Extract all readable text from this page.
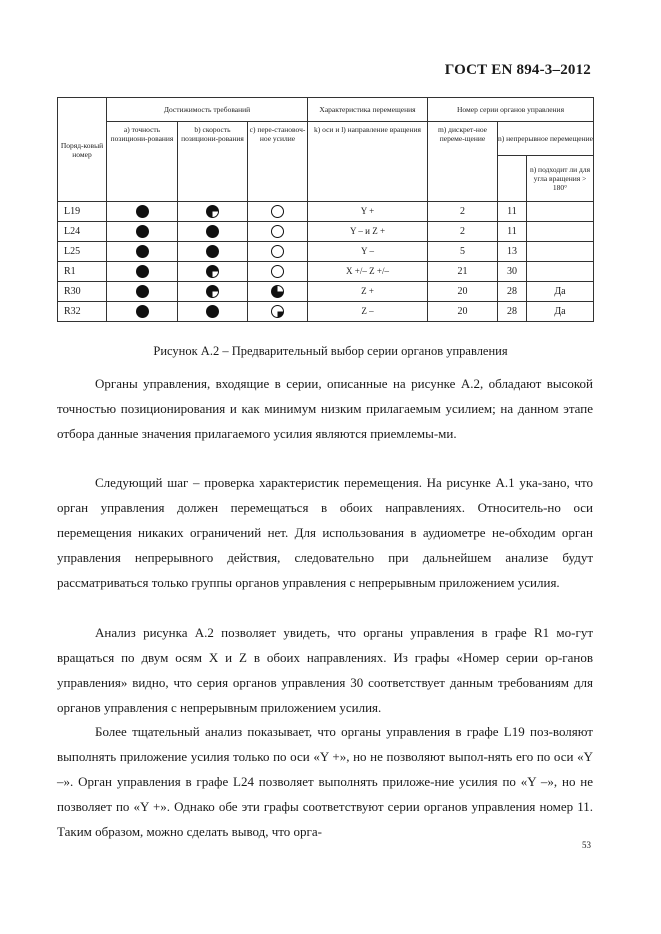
ГОСТ EN 894-3–2012
Поряд-ковый номер	Достижимость требований			Характеристика перемещения	Номер серии органов управления		
	а) точность позициони-рования	b) скорость позициони-рования	с) пере-становоч-ное усилие	k) оси и l) направление вращения	m) дискрет-ное переме-щение	n) непрерывное перемещение	
							n) подходит ли для угла вращения > 180°
L19				Y +	2	11	
L24				Y – и Z +	2	11	
L25				Y –	5	13	
R1				X +/– Z +/–	21	30	
R30				Z +	20	28	Да
R32				Z –	20	28	Да
Рисунок А.2 – Предварительный выбор серии органов управления
Органы управления, входящие в серии, описанные на рисунке А.2, обладают высокой точностью позиционирования и как минимум низким прилагаемым усилием; на данном этапе отбора данные значения прилагаемого усилия являются приемлемы-ми.
Следующий шаг – проверка характеристик перемещения. На рисунке А.1 ука-зано, что орган управления должен перемещаться в обоих направлениях. Относитель-но оси перемещения никаких ограничений нет. Для использования в аудиометре не-обходим орган управления непрерывного действия, следовательно при дальнейшем анализе будут рассматриваться только группы органов управления с непрерывным приложением усилия.
Анализ рисунка А.2 позволяет увидеть, что органы управления в графе R1 мо-гут вращаться по двум осям X и Z в обоих направлениях. Из графы «Номер серии ор-ганов управления» видно, что серия органов управления 30 соответствует данным требованиям для органов управления с непрерывным приложением усилия.
Более тщательный анализ показывает, что органы управления в графе L19 поз-воляют выполнять приложение усилия только по оси «Y +», но не позволяют выпол-нять его по оси «Y –». Орган управления в графе L24 позволяет выполнять приложе-ние усилия по «Y –», но не позволяет по «Y +». Однако обе эти графы соответствуют серии органов управления номер 11. Таким образом, можно сделать вывод, что орга-
53
